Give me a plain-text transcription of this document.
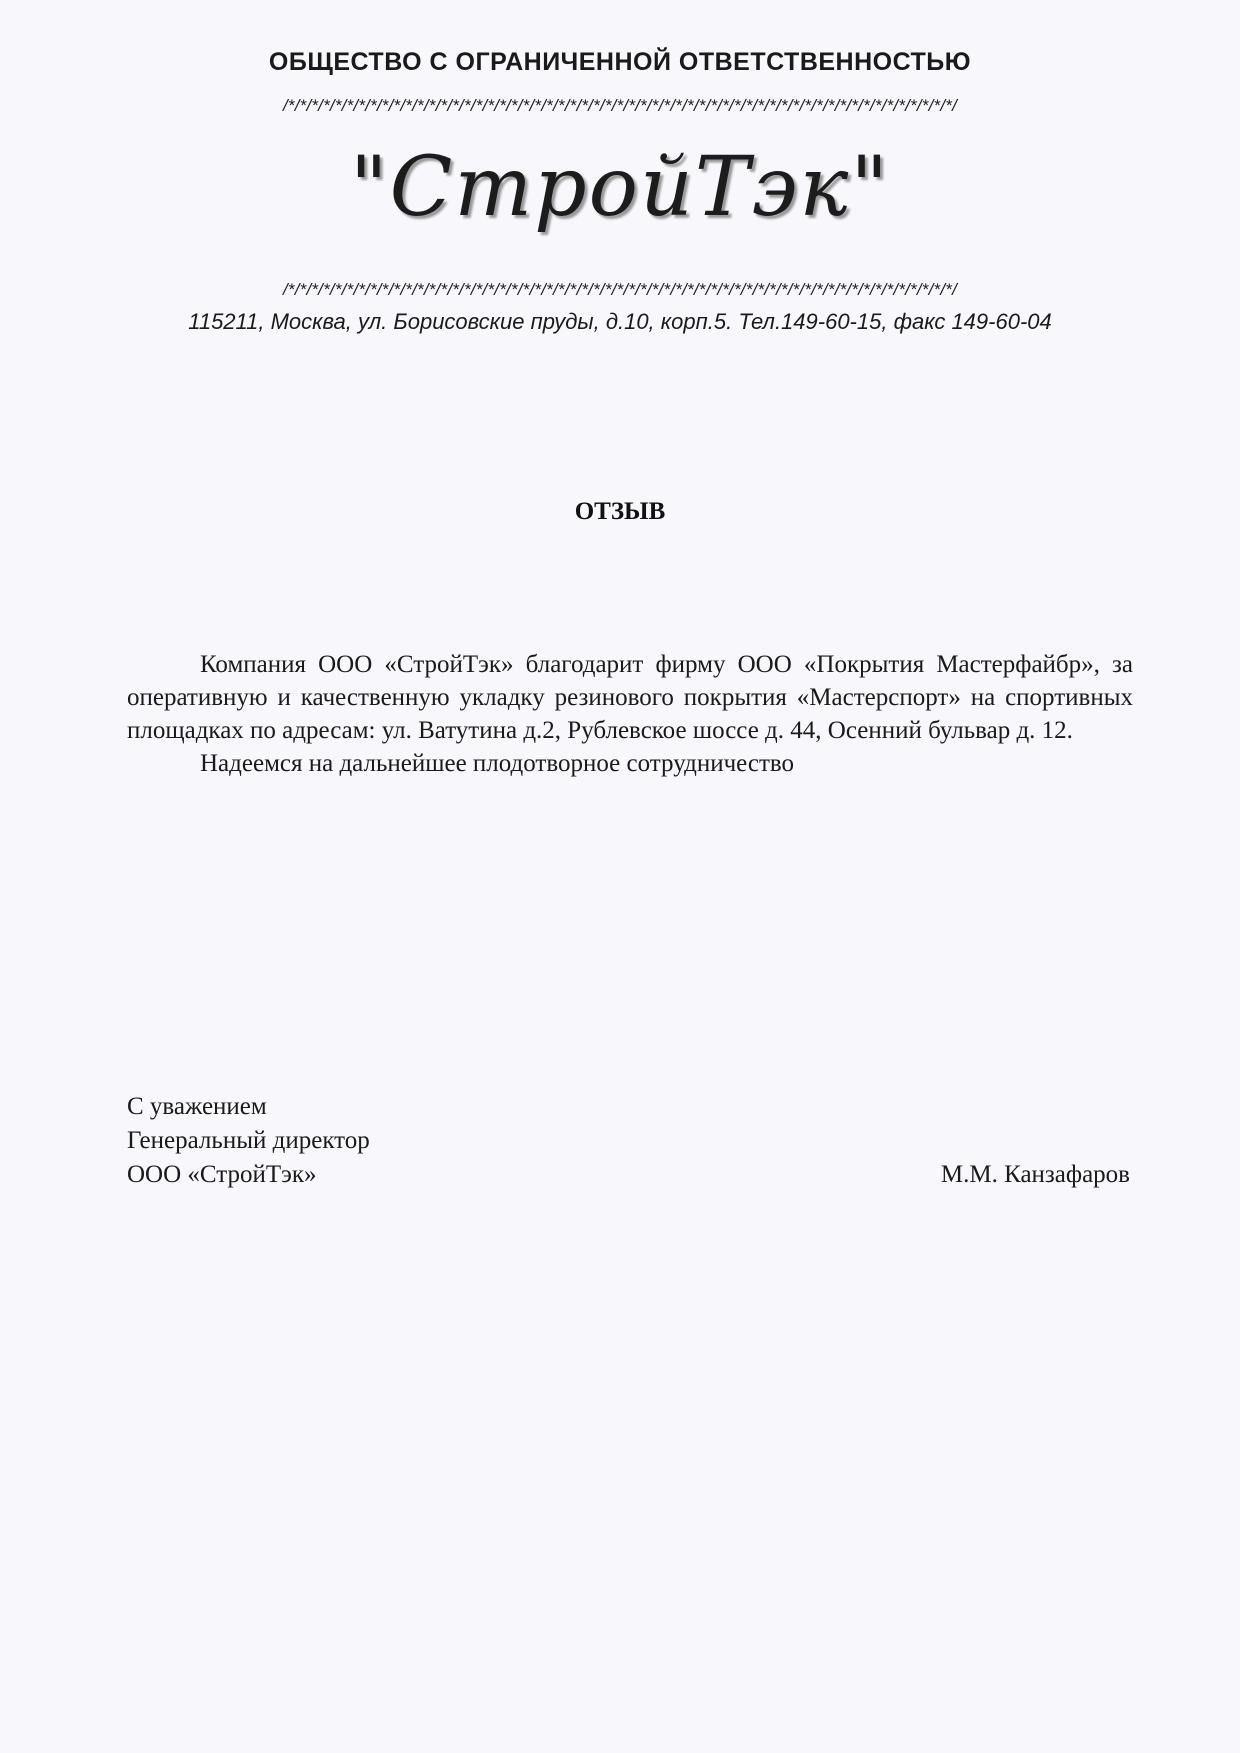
ОБЩЕСТВО С ОГРАНИЧЕННОЙ ОТВЕТСТВЕННОСТЬЮ
/*/*/*/*/*/*/*/*/*/*/*/*/*/*/*/*/*/*/*/*/*/*/*/*/*/*/*/*/*/*/*/*/*/*/*/*/*/*/*/*/*/*/*/*/*/*/*/*/*/*/*/*/*/*/*/*/*/
"СтройТэк"
/*/*/*/*/*/*/*/*/*/*/*/*/*/*/*/*/*/*/*/*/*/*/*/*/*/*/*/*/*/*/*/*/*/*/*/*/*/*/*/*/*/*/*/*/*/*/*/*/*/*/*/*/*/*/*/*/*/
115211, Москва, ул. Борисовские пруды, д.10, корп.5. Тел.149-60-15, факс 149-60-04
ОТЗЫВ

Компания ООО «СтройТэк» благодарит фирму ООО «Покрытия Мастерфайбр», за оперативную и качественную укладку резинового покрытия «Мастерспорт» на спортивных площадках по адресам: ул. Ватутина д.2, Рублевское шоссе д. 44, Осенний бульвар д. 12.

Надеемся на дальнейшее плодотворное сотрудничество

С уважением
Генеральный директор
ООО «СтройТэк»	М.М. Канзафаров
